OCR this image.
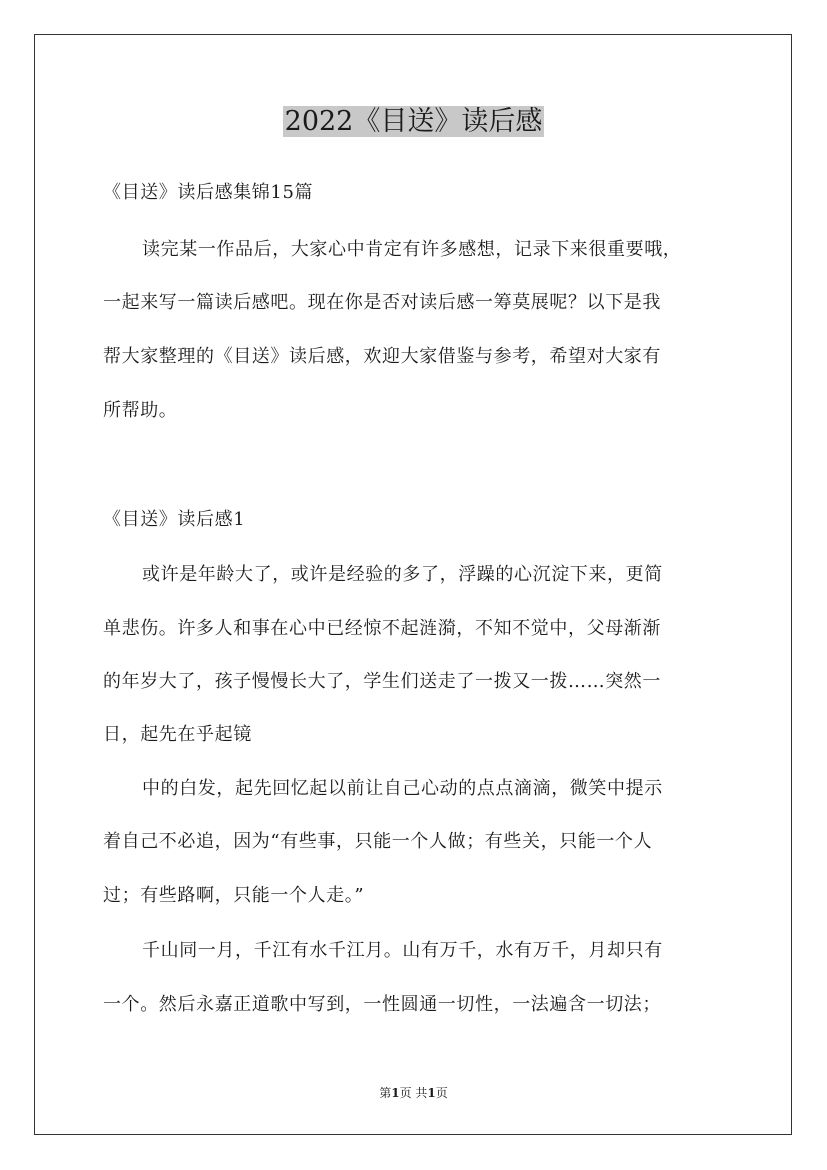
2022《目送》读后感
《目送》读后感集锦15篇
读完某一作品后，大家心中肯定有许多感想，记录下来很重要哦，
一起来写一篇读后感吧。现在你是否对读后感一筹莫展呢？以下是我
帮大家整理的《目送》读后感，欢迎大家借鉴与参考，希望对大家有
所帮助。
《目送》读后感1
或许是年龄大了，或许是经验的多了，浮躁的心沉淀下来，更简
单悲伤。许多人和事在心中已经惊不起涟漪，不知不觉中，父母渐渐
的年岁大了，孩子慢慢长大了，学生们送走了一拨又一拨……突然一
日，起先在乎起镜
中的白发，起先回忆起以前让自己心动的点点滴滴，微笑中提示
着自己不必追，因为“有些事，只能一个人做；有些关，只能一个人
过；有些路啊，只能一个人走。”
千山同一月，千江有水千江月。山有万千，水有万千，月却只有
一个。然后永嘉正道歌中写到，一性圆通一切性，一法遍含一切法；
第1页 共1页
